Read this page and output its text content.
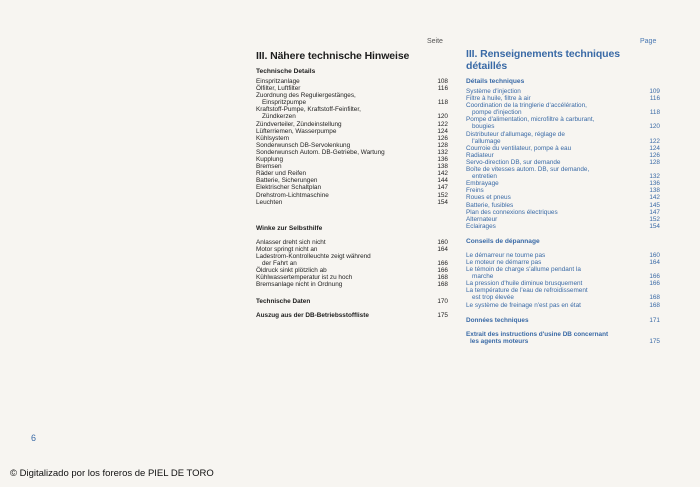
Seite	Page
III. Nähere technische Hinweise
Technische Details
Einspritzanlage	108
Ölfilter, Luftfilter	116
Zuordnung des Reguliergestänges,
Einspritzpumpe	118
Kraftstoff-Pumpe, Kraftstoff-Feinfilter,
Zündkerzen	120
Zündverteiler, Zündeinstellung	122
Lüfterriemen, Wasserpumpe	124
Kühlsystem	126
Sonderwunsch DB-Servolenkung	128
Sonderwunsch Autom. DB-Getriebe, Wartung	132
Kupplung	136
Bremsen	138
Räder und Reifen	142
Batterie, Sicherungen	144
Elektrischer Schaltplan	147
Drehstrom-Lichtmaschine	152
Leuchten	154
Winke zur Selbsthilfe
Anlasser dreht sich nicht	160
Motor springt nicht an	164
Ladestrom-Kontrolleuchte zeigt während
der Fahrt an	166
Öldruck sinkt plötzlich ab	166
Kühlwassertemperatur ist zu hoch	168
Bremsanlage nicht in Ordnung	168
Technische Daten	170
Auszug aus der DB-Betriebsstoffliste	175
III. Renseignements techniques détaillés
Détails techniques
Système d'injection	109
Filtre à huile, filtre à air	116
Coordination de la tringlerie d'accélération,
pompe d'injection	118
Pompe d'alimentation, microfiltre à carburant,
bougies	120
Distributeur d'allumage, réglage de
l'allumage	122
Courroie du ventilateur, pompe à eau	124
Radiateur	126
Servo-direction DB, sur demande	128
Boîte de vitesses autom. DB, sur demande,
entretien	132
Embrayage	136
Freins	138
Roues et pneus	142
Batterie, fusibles	145
Plan des connexions électriques	147
Alternateur	152
Eclairages	154
Conseils de dépannage
Le démarreur ne tourne pas	160
Le moteur ne démarre pas	164
Le témoin de charge s'allume pendant la
marche	166
La pression d'huile diminue brusquement	166
La température de l'eau de refroidissement
est trop élevée	168
Le système de freinage n'est pas en état	168
Données techniques	171
Extrait des instructions d'usine DB concernant
les agents moteurs	175
6
© Digitalizado por los foreros de PIEL DE TORO
